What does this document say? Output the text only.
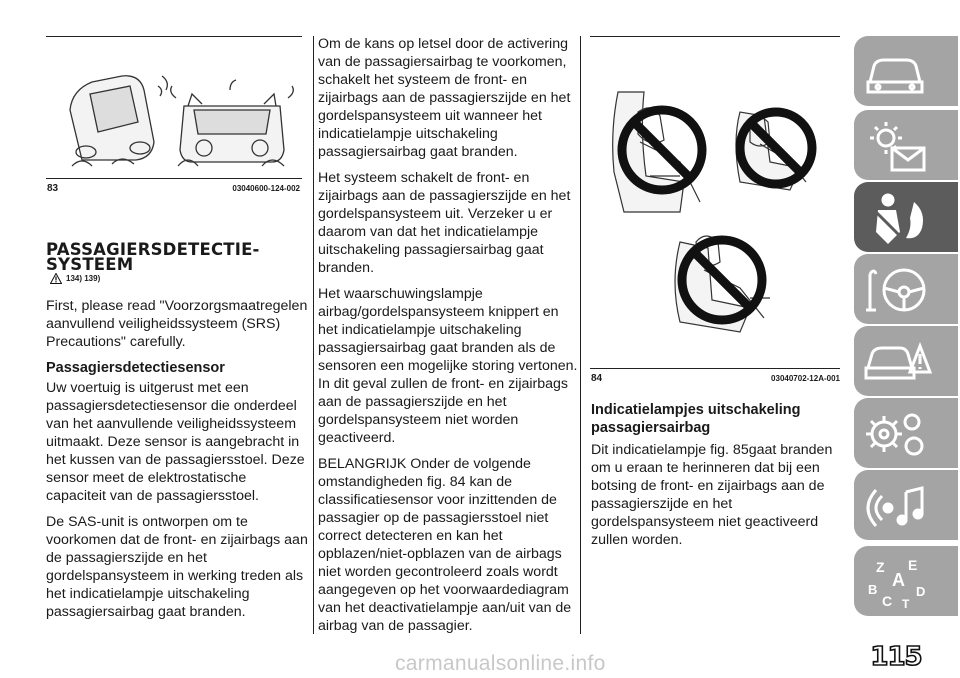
83	03040600-124-002
PASSAGIERSDETECTIE-
SYSTEEM
134) 139)

First, please read "Voorzorgsmaatregelen aanvullend veiligheidssysteem (SRS) Precautions" carefully.

Passagiersdetectiesensor

Uw voertuig is uitgerust met een passagiersdetectiesensor die onderdeel van het aanvullende veiligheidssysteem uitmaakt. Deze sensor is aangebracht in het kussen van de passagiersstoel. Deze sensor meet de elektrostatische capaciteit van de passagiersstoel.

De SAS-unit is ontworpen om te voorkomen dat de front- en zijairbags aan de passagierszijde en het gordelspansysteem in werking treden als het indicatielampje uitschakeling passagiersairbag gaat branden.

Om de kans op letsel door de activering van de passagiersairbag te voorkomen, schakelt het systeem de front- en zijairbags aan de passagierszijde en het gordelspansysteem uit wanneer het indicatielampje uitschakeling passagiersairbag gaat branden.

Het systeem schakelt de front- en zijairbags aan de passagierszijde en het gordelspansysteem uit. Verzeker u er daarom van dat het indicatielampje uitschakeling passagiersairbag gaat branden.

Het waarschuwingslampje airbag/gordelspansysteem knippert en het indicatielampje uitschakeling passagiersairbag gaat branden als de sensoren een mogelijke storing vertonen. In dit geval zullen de front- en zijairbags aan de passagierszijde en het gordelspansysteem niet worden geactiveerd.

BELANGRIJK Onder de volgende omstandigheden fig. 84 kan de classificatiesensor voor inzittenden de passagier op de passagiersstoel niet correct detecteren en kan het opblazen/niet-opblazen van de airbags niet worden gecontroleerd zoals wordt aangegeven op het voorwaardediagram van het deactivatielampje aan/uit van de airbag van de passagier.

84	03040702-12A-001
Indicatielampjes uitschakeling passagiersairbag
Dit indicatielampje fig. 85gaat branden om u eraan te herinneren dat bij een botsing de front- en zijairbags aan de passagierszijde en het gordelspansysteem niet geactiveerd zullen worden.
Z E
A
B	D
C T
115
carmanualsonline.info
